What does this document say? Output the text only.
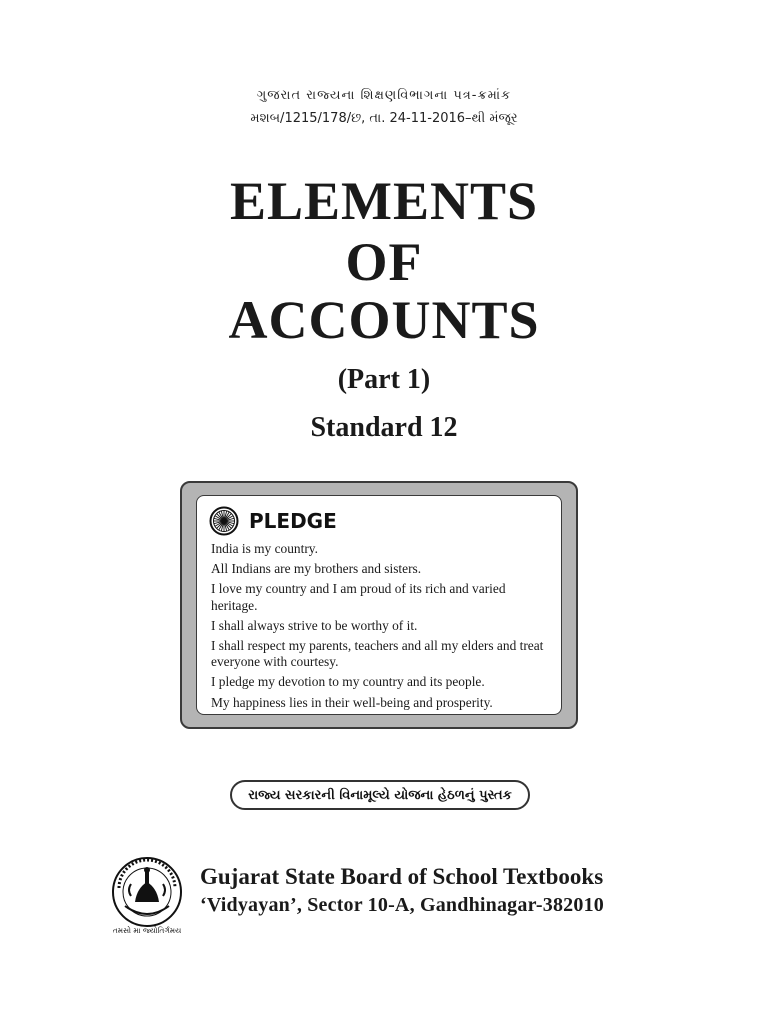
ગુજરાત રાજ્યના શિક્ષણવિભાગના પત્ર-ક્રમાંક
મશબ/1215/178/છ, તા. 24-11-2016–થી મંજૂર
ELEMENTS
OF
ACCOUNTS
(Part 1)
Standard 12
PLEDGE
India is my country.
All Indians are my brothers and sisters.
I love my country and I am proud of its rich and varied heritage.
I shall always strive to be worthy of it.
I shall respect my parents, teachers and all my elders and treat everyone with courtesy.
I pledge my devotion to my country and its people.
My happiness lies in their well-being and prosperity.
રાજ્ય સરકારની વિનામૂલ્યે યોજના હેઠળનું પુસ્તક
તમસો મા જ્યોતિર્ગમય
Gujarat State Board of School Textbooks
‘Vidyayan’, Sector 10-A, Gandhinagar-382010
